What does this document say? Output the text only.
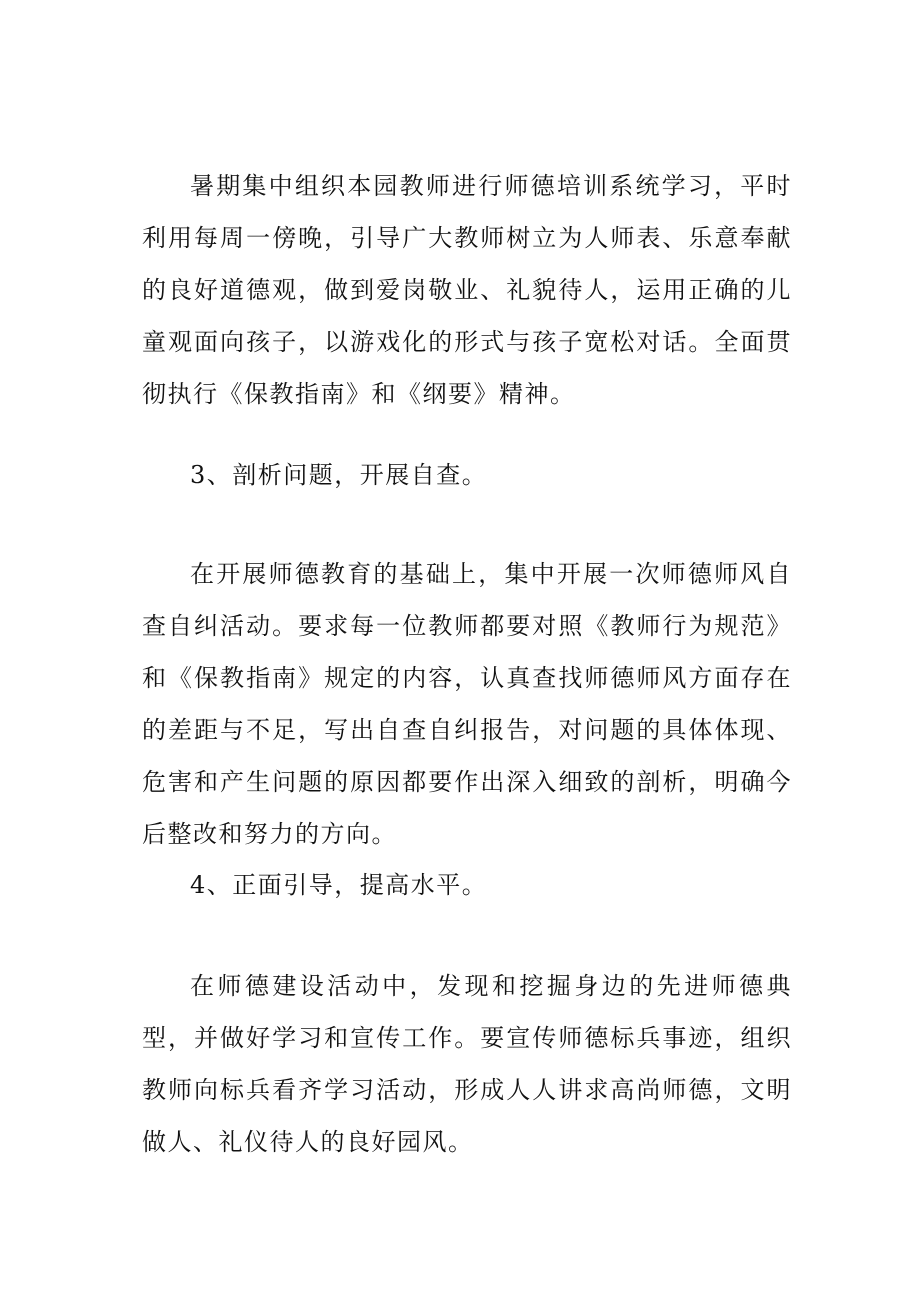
暑期集中组织本园教师进行师德培训系统学习，平时利用每周一傍晚，引导广大教师树立为人师表、乐意奉献的良好道德观，做到爱岗敬业、礼貌待人，运用正确的儿童观面向孩子，以游戏化的形式与孩子宽松对话。全面贯彻执行《保教指南》和《纲要》精神。

3、剖析问题，开展自查。

在开展师德教育的基础上，集中开展一次师德师风自查自纠活动。要求每一位教师都要对照《教师行为规范》和《保教指南》规定的内容，认真查找师德师风方面存在的差距与不足，写出自查自纠报告，对问题的具体体现、危害和产生问题的原因都要作出深入细致的剖析，明确今后整改和努力的方向。

4、正面引导，提高水平。

在师德建设活动中，发现和挖掘身边的先进师德典型，并做好学习和宣传工作。要宣传师德标兵事迹，组织教师向标兵看齐学习活动，形成人人讲求高尚师德，文明做人、礼仪待人的良好园风。
